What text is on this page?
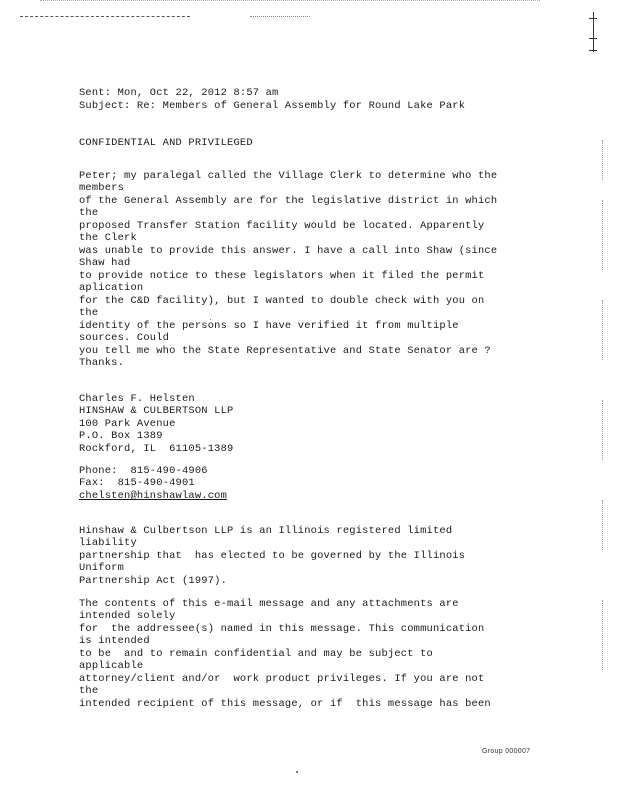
Sent: Mon, Oct 22, 2012 8:57 am
Subject: Re: Members of General Assembly for Round Lake Park
CONFIDENTIAL AND PRIVILEGED
Peter; my paralegal called the Village Clerk to determine who the
members
of the General Assembly are for the legislative district in which
the
proposed Transfer Station facility would be located. Apparently
the Clerk
was unable to provide this answer. I have a call into Shaw (since
Shaw had
to provide notice to these legislators when it filed the permit
aplication
for the C&D facility), but I wanted to double check with you on
the
identity of the persons so I have verified it from multiple
sources. Could
you tell me who the State Representative and State Senator are ?
Thanks.
Charles F. Helsten
HINSHAW & CULBERTSON LLP
100 Park Avenue
P.O. Box 1389
Rockford, IL  61105-1389
Phone:  815-490-4906
Fax:  815-490-4901
chelsten@hinshawlaw.com
Hinshaw & Culbertson LLP is an Illinois registered limited
liability
partnership that  has elected to be governed by the Illinois
Uniform
Partnership Act (1997).
The contents of this e-mail message and any attachments are
intended solely
for  the addressee(s) named in this message. This communication
is intended
to be  and to remain confidential and may be subject to
applicable
attorney/client and/or  work product privileges. If you are not
the
intended recipient of this message, or if  this message has been
Group 000007
